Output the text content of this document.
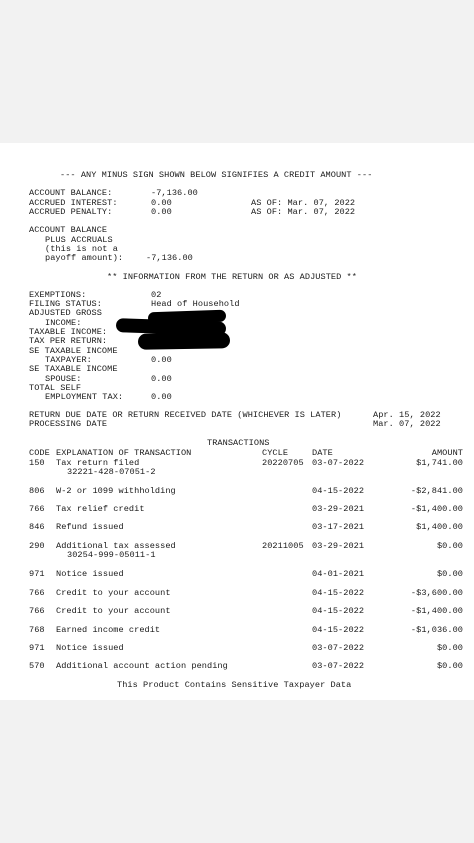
--- ANY MINUS SIGN SHOWN BELOW SIGNIFIES A CREDIT AMOUNT ---
ACCOUNT BALANCE:	-7,136.00
ACCRUED INTEREST:	0.00	AS OF: Mar. 07, 2022
ACCRUED PENALTY:	0.00	AS OF: Mar. 07, 2022
ACCOUNT BALANCE
PLUS ACCRUALS
(this is not a
payoff amount):	-7,136.00
** INFORMATION FROM THE RETURN OR AS ADJUSTED **
EXEMPTIONS:	02
FILING STATUS:	Head of Household
ADJUSTED GROSS
INCOME:
TAXABLE INCOME:
TAX PER RETURN:
SE TAXABLE INCOME
TAXPAYER:	0.00
SE TAXABLE INCOME
SPOUSE:	0.00
TOTAL SELF
EMPLOYMENT TAX:	0.00
RETURN DUE DATE OR RETURN RECEIVED DATE (WHICHEVER IS LATER)	Apr. 15, 2022
PROCESSING DATE	Mar. 07, 2022
TRANSACTIONS
CODE EXPLANATION OF TRANSACTION	CYCLE	DATE	AMOUNT
150 Tax return filed	20220705 03-07-2022	$1,741.00
32221-428-07051-2
806 W-2 or 1099 withholding	04-15-2022	-$2,841.00
766 Tax relief credit	03-29-2021	-$1,400.00
846 Refund issued	03-17-2021	$1,400.00
290 Additional tax assessed	20211005 03-29-2021	$0.00
30254-999-05011-1
971 Notice issued	04-01-2021	$0.00
766 Credit to your account	04-15-2022	-$3,600.00
766 Credit to your account	04-15-2022	-$1,400.00
768 Earned income credit	04-15-2022	-$1,036.00
971 Notice issued	03-07-2022	$0.00
570 Additional account action pending	03-07-2022	$0.00
This Product Contains Sensitive Taxpayer Data
